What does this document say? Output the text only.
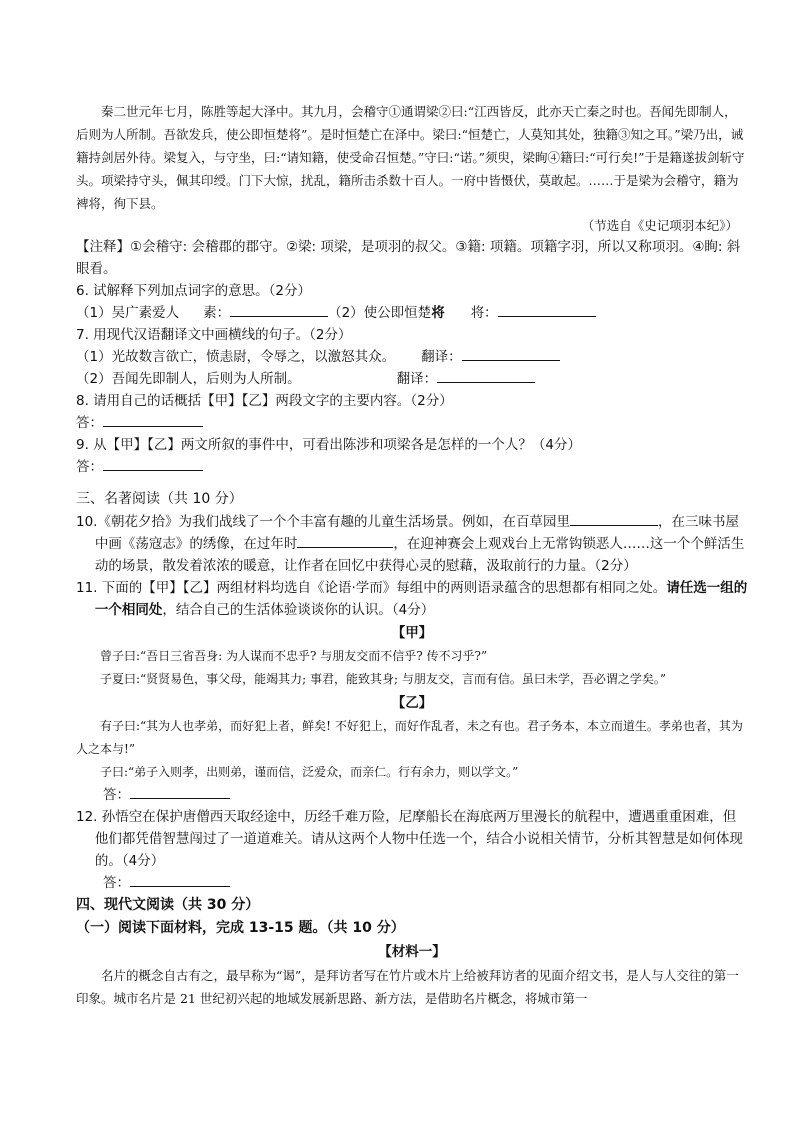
秦二世元年七月，陈胜等起大泽中。其九月，会稽守①通谓梁②曰:“江西皆反，此亦天亡秦之时也。吾闻先即制人，后则为人所制。吾欲发兵，使公即恒楚将”。是时恒楚亡在泽中。梁曰:“恒楚亡，人莫知其处，独籍③知之耳。”梁乃出，诫籍持剑居外待。梁复入，与守坐，曰:“请知籍，使受命召恒楚。”守曰:“诺。”须臾，梁眴④籍曰:“可行矣!”于是籍遂拔剑斩守头。项梁持守头，佩其印绶。门下大惊，扰乱，籍所击杀数十百人。一府中皆慑伏，莫敢起。……于是梁为会稽守，籍为裨将，徇下县。

（节选自《史记项羽本纪》）

【注释】①会稽守: 会稽郡的郡守。②梁: 项梁，是项羽的叔父。③籍: 项籍。项籍字羽，所以又称项羽。④眴: 斜眼看。

6. 试解释下列加点词字的意思。（2分）

（1）吴广素爱人 素：	（2）使公即恒楚将 将：

7. 用现代汉语翻译文中画横线的句子。（2分）

（1）光故数言欲亡，愤恚尉，令辱之，以激怒其众。 翻译：

（2）吾闻先即制人，后则为人所制。	翻译：

8. 请用自己的话概括【甲】【乙】两段文字的主要内容。（2分）

答：

9. 从【甲】【乙】两文所叙的事件中，可看出陈涉和项梁各是怎样的一个人？（4分）

答：

三、名著阅读（共 10 分）

10.《朝花夕拾》为我们战线了一个个丰富有趣的儿童生活场景。例如，在百草园里	，在三味书屋中画《荡寇志》的绣像，在过年时	，在迎神赛会上观戏台上无常钩锁恶人……这一个个鲜活生动的场景，散发着浓浓的暖意，让作者在回忆中获得心灵的慰藉，汲取前行的力量。（2分）

11. 下面的【甲】【乙】两组材料均选自《论语·学而》每组中的两则语录蕴含的思想都有相同之处。请任选一组的一个相同处，结合自己的生活体验谈谈你的认识。（4分）

【甲】

曾子曰:“吾日三省吾身: 为人谋而不忠乎? 与朋友交而不信乎? 传不习乎?”

子夏曰:“贤贤易色，事父母，能竭其力; 事君，能致其身; 与朋友交，言而有信。虽曰未学，吾必谓之学矣。”

【乙】

有子曰:“其为人也孝弟，而好犯上者，鲜矣! 不好犯上，而好作乱者，未之有也。君子务本，本立而道生。孝弟也者，其为人之本与!”

子曰:“弟子入则孝，出则弟，谨而信，泛爱众，而亲仁。行有余力，则以学文。”

答：

12. 孙悟空在保护唐僧西天取经途中，历经千难万险，尼摩船长在海底两万里漫长的航程中，遭遇重重困难，但他们都凭借智慧闯过了一道道难关。请从这两个人物中任选一个，结合小说相关情节，分析其智慧是如何体现的。（4分）

答：

四、现代文阅读（共 30 分）

（一）阅读下面材料，完成 13-15 题。（共 10 分）

【材料一】

名片的概念自古有之，最早称为“谒”，是拜访者写在竹片或木片上给被拜访者的见面介绍文书，是人与人交往的第一印象。城市名片是 21 世纪初兴起的地域发展新思路、新方法，是借助名片概念，将城市第一
